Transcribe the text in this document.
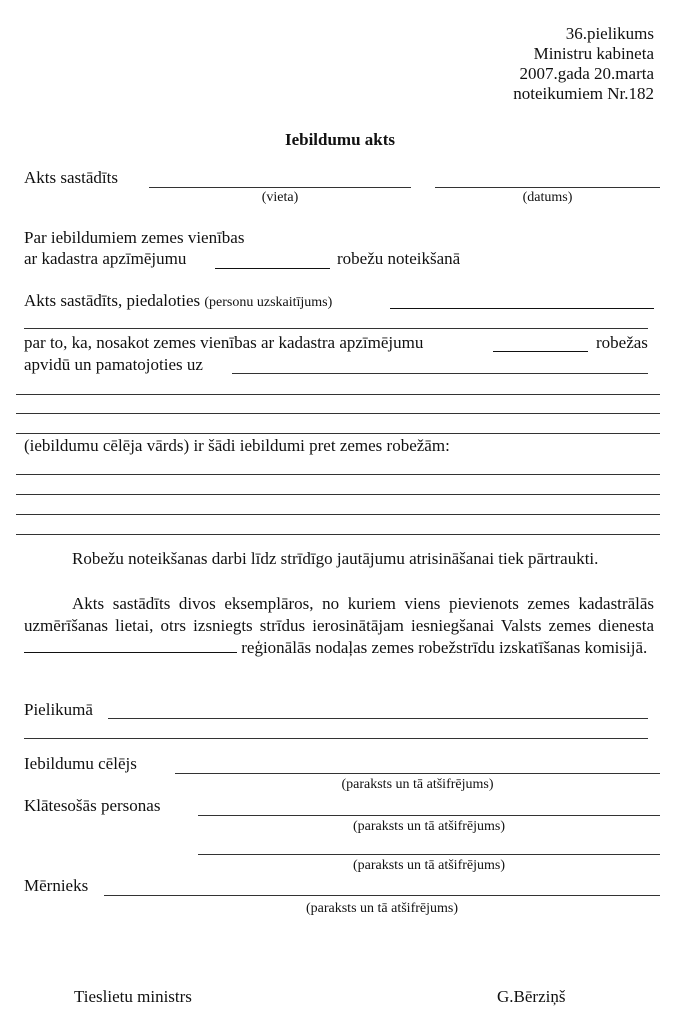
36.pielikums
Ministru kabineta
2007.gada 20.marta
noteikumiem Nr.182
Iebildumu akts
Akts sastādīts
(vieta)	(datums)
Par iebildumiem zemes vienības
ar kadastra apzīmējumu	robežu noteikšanā
Akts sastādīts, piedaloties (personu uzskaitījums)
par to, ka, nosakot zemes vienības ar kadastra apzīmējumu	robežas
apvidū un pamatojoties uz
(iebildumu cēlēja vārds) ir šādi iebildumi pret zemes robežām:
Robežu noteikšanas darbi līdz strīdīgo jautājumu atrisināšanai tiek pārtraukti.
Akts sastādīts divos eksemplāros, no kuriem viens pievienots zemes kadastrālās uzmērīšanas lietai, otrs izsniegts strīdus ierosinātājam iesniegšanai Valsts zemes dienesta  reģionālās nodaļas zemes robežstrīdu izskatīšanas komisijā.
Pielikumā
Iebildumu cēlējs
(paraksts un tā atšifrējums)
Klātesošās personas
(paraksts un tā atšifrējums)
(paraksts un tā atšifrējums)
Mērnieks
(paraksts un tā atšifrējums)
Tieslietu ministrs	G.Bērziņš
